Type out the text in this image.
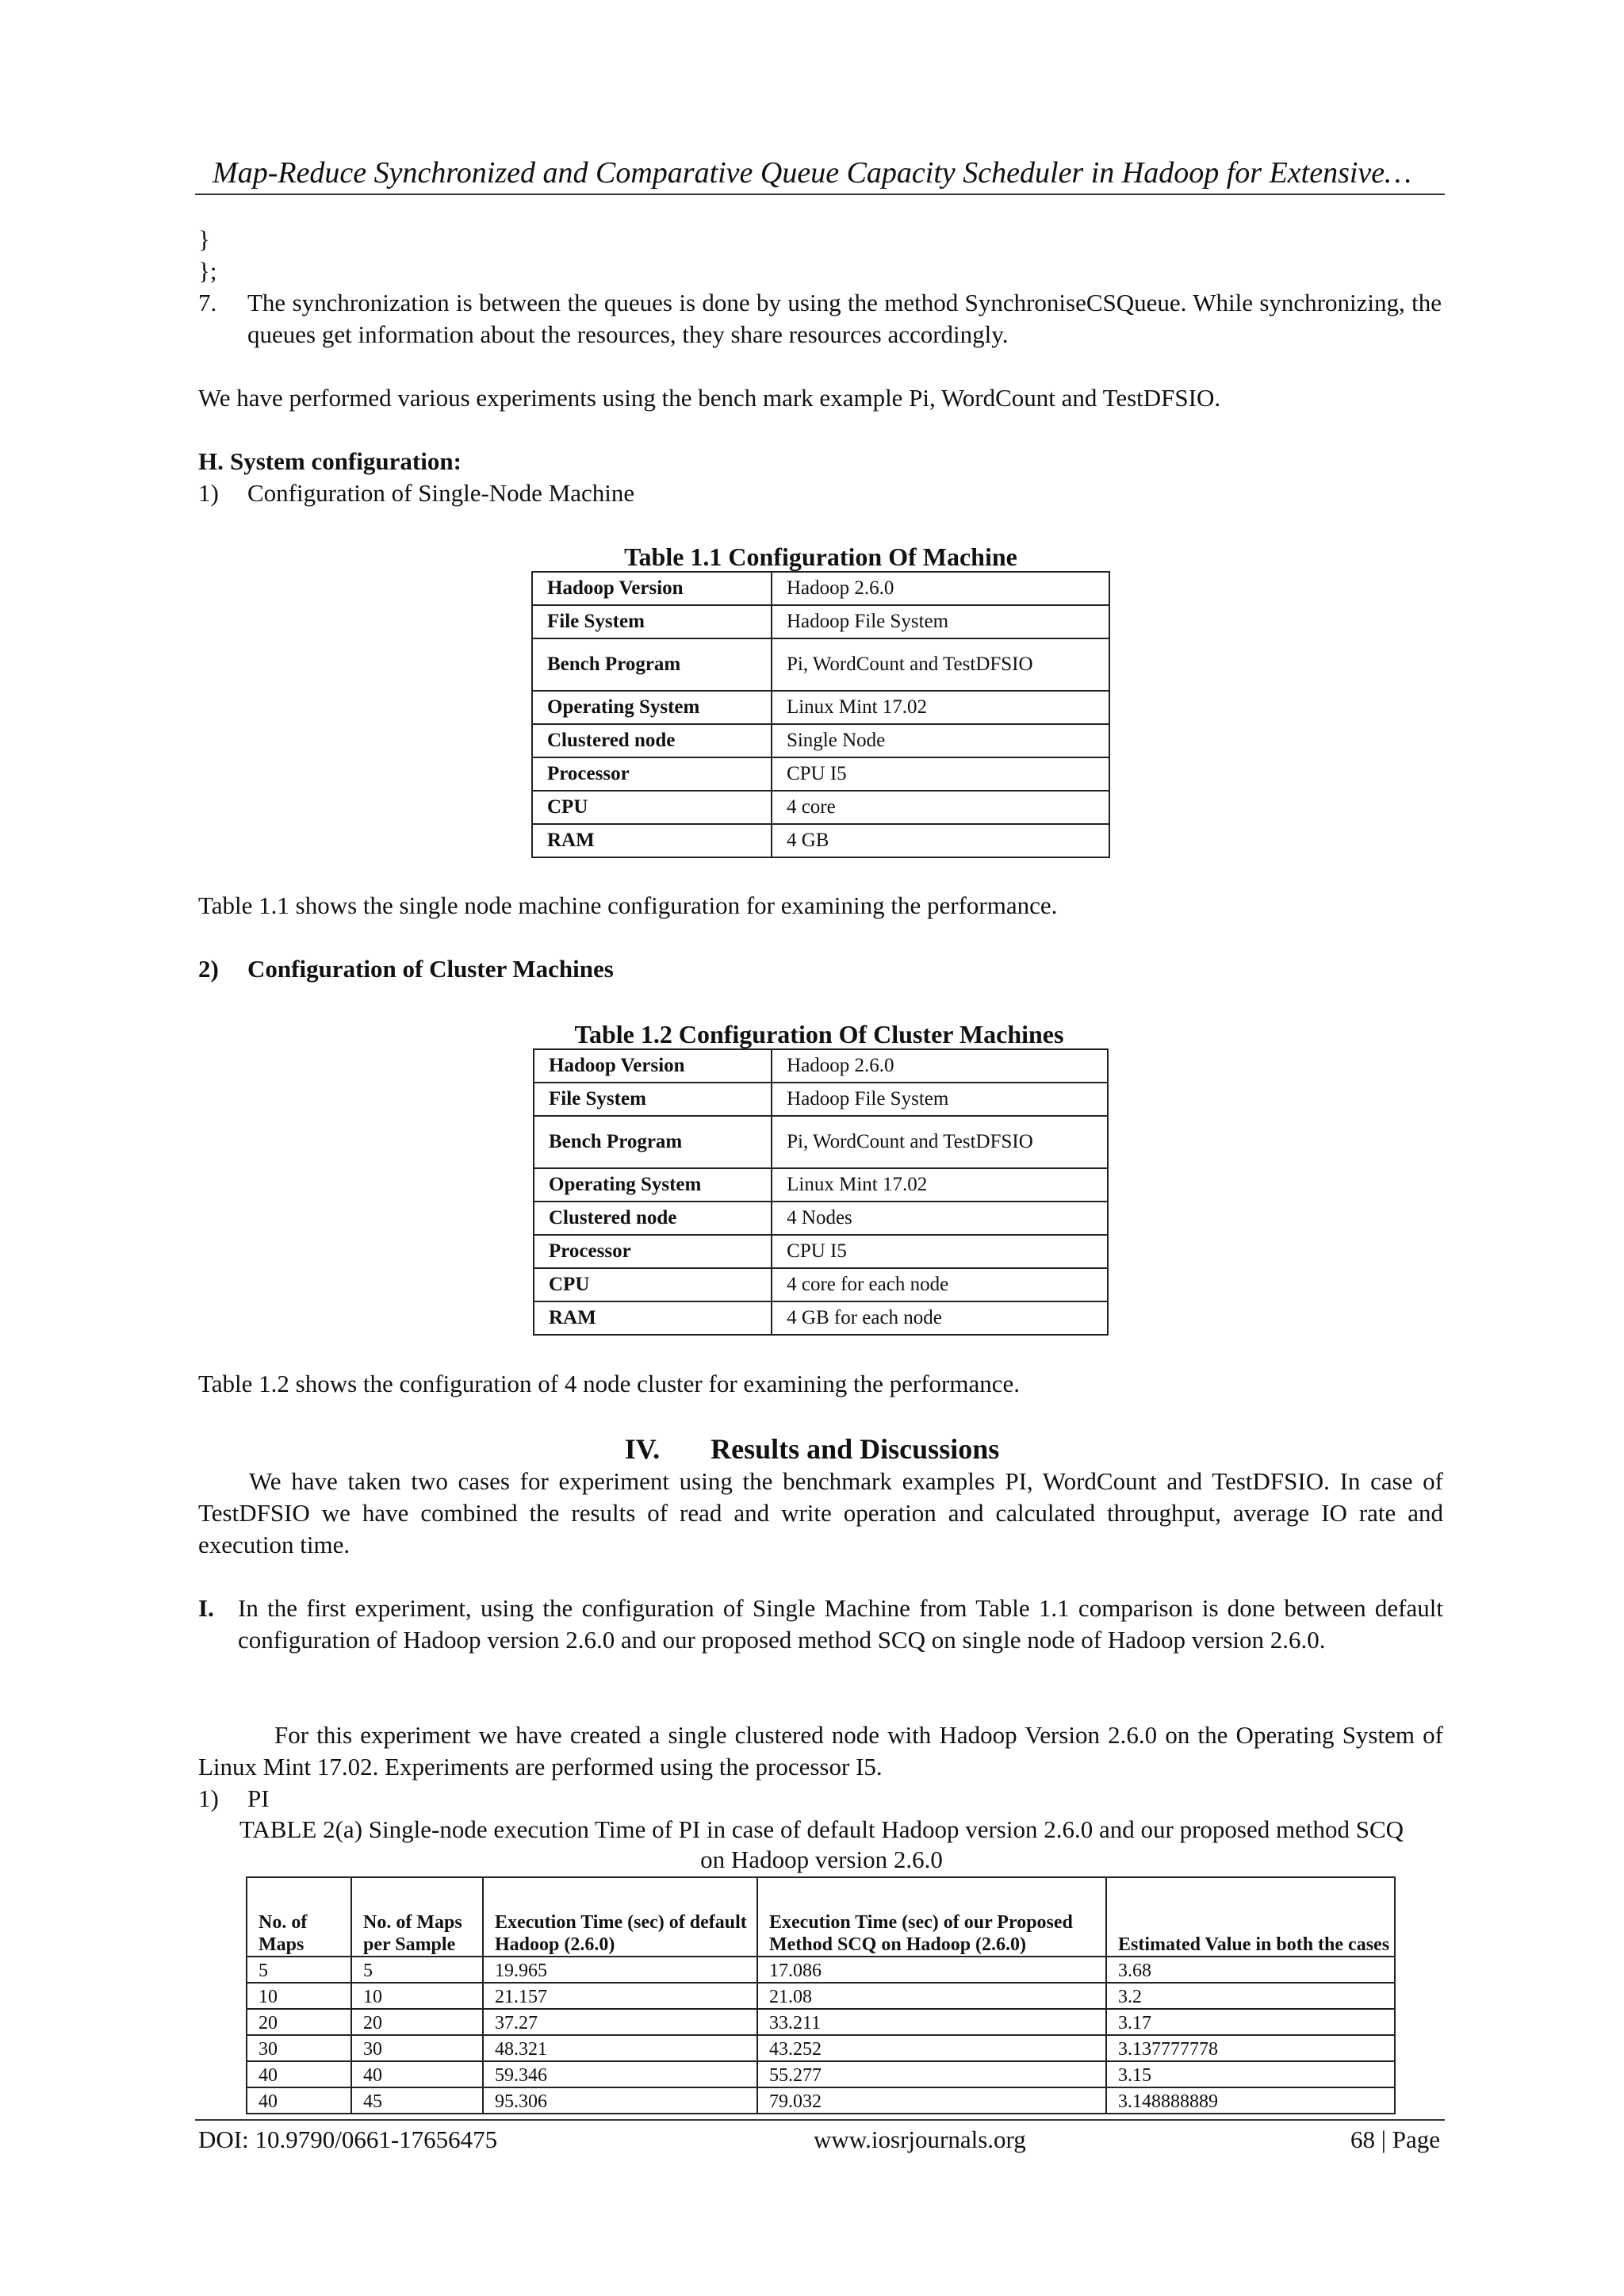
Map-Reduce Synchronized and Comparative Queue Capacity Scheduler in Hadoop for Extensive…
}
};
7. The synchronization is between the queues is done by using the method SynchroniseCSQueue. While synchronizing, the queues get information about the resources, they share resources accordingly.
We have performed various experiments using the bench mark example Pi, WordCount and TestDFSIO.
H. System configuration:
1) Configuration of Single-Node Machine
Table 1.1 Configuration Of Machine
Hadoop Version	Hadoop 2.6.0
File System	Hadoop File System
Bench Program	Pi, WordCount and TestDFSIO
Operating System	Linux Mint 17.02
Clustered node	Single Node
Processor	CPU I5
CPU	4 core
RAM	4 GB
Table 1.1 shows the single node machine configuration for examining the performance.
2) Configuration of Cluster Machines
Table 1.2 Configuration Of Cluster Machines
Hadoop Version	Hadoop 2.6.0
File System	Hadoop File System
Bench Program	Pi, WordCount and TestDFSIO
Operating System	Linux Mint 17.02
Clustered node	4 Nodes
Processor	CPU I5
CPU	4 core for each node
RAM	4 GB for each node
Table 1.2 shows the configuration of 4 node cluster for examining the performance.
IV. Results and Discussions
We have taken two cases for experiment using the benchmark examples PI, WordCount and TestDFSIO. In case of TestDFSIO we have combined the results of read and write operation and calculated throughput, average IO rate and execution time.
I. In the first experiment, using the configuration of Single Machine from Table 1.1 comparison is done between default configuration of Hadoop version 2.6.0 and our proposed method SCQ on single node of Hadoop version 2.6.0.
For this experiment we have created a single clustered node with Hadoop Version 2.6.0 on the Operating System of Linux Mint 17.02. Experiments are performed using the processor I5.
1) PI
TABLE 2(a) Single-node execution Time of PI in case of default Hadoop version 2.6.0 and our proposed method SCQ on Hadoop version 2.6.0
No. of Maps	No. of Maps per Sample	Execution Time (sec) of default Hadoop (2.6.0)	Execution Time (sec) of our Proposed Method SCQ on Hadoop (2.6.0)	Estimated Value in both the cases
5	5	19.965	17.086	3.68
10	10	21.157	21.08	3.2
20	20	37.27	33.211	3.17
30	30	48.321	43.252	3.137777778
40	40	59.346	55.277	3.15
40	45	95.306	79.032	3.148888889
DOI: 10.9790/0661-17656475	www.iosrjournals.org	68 | Page
